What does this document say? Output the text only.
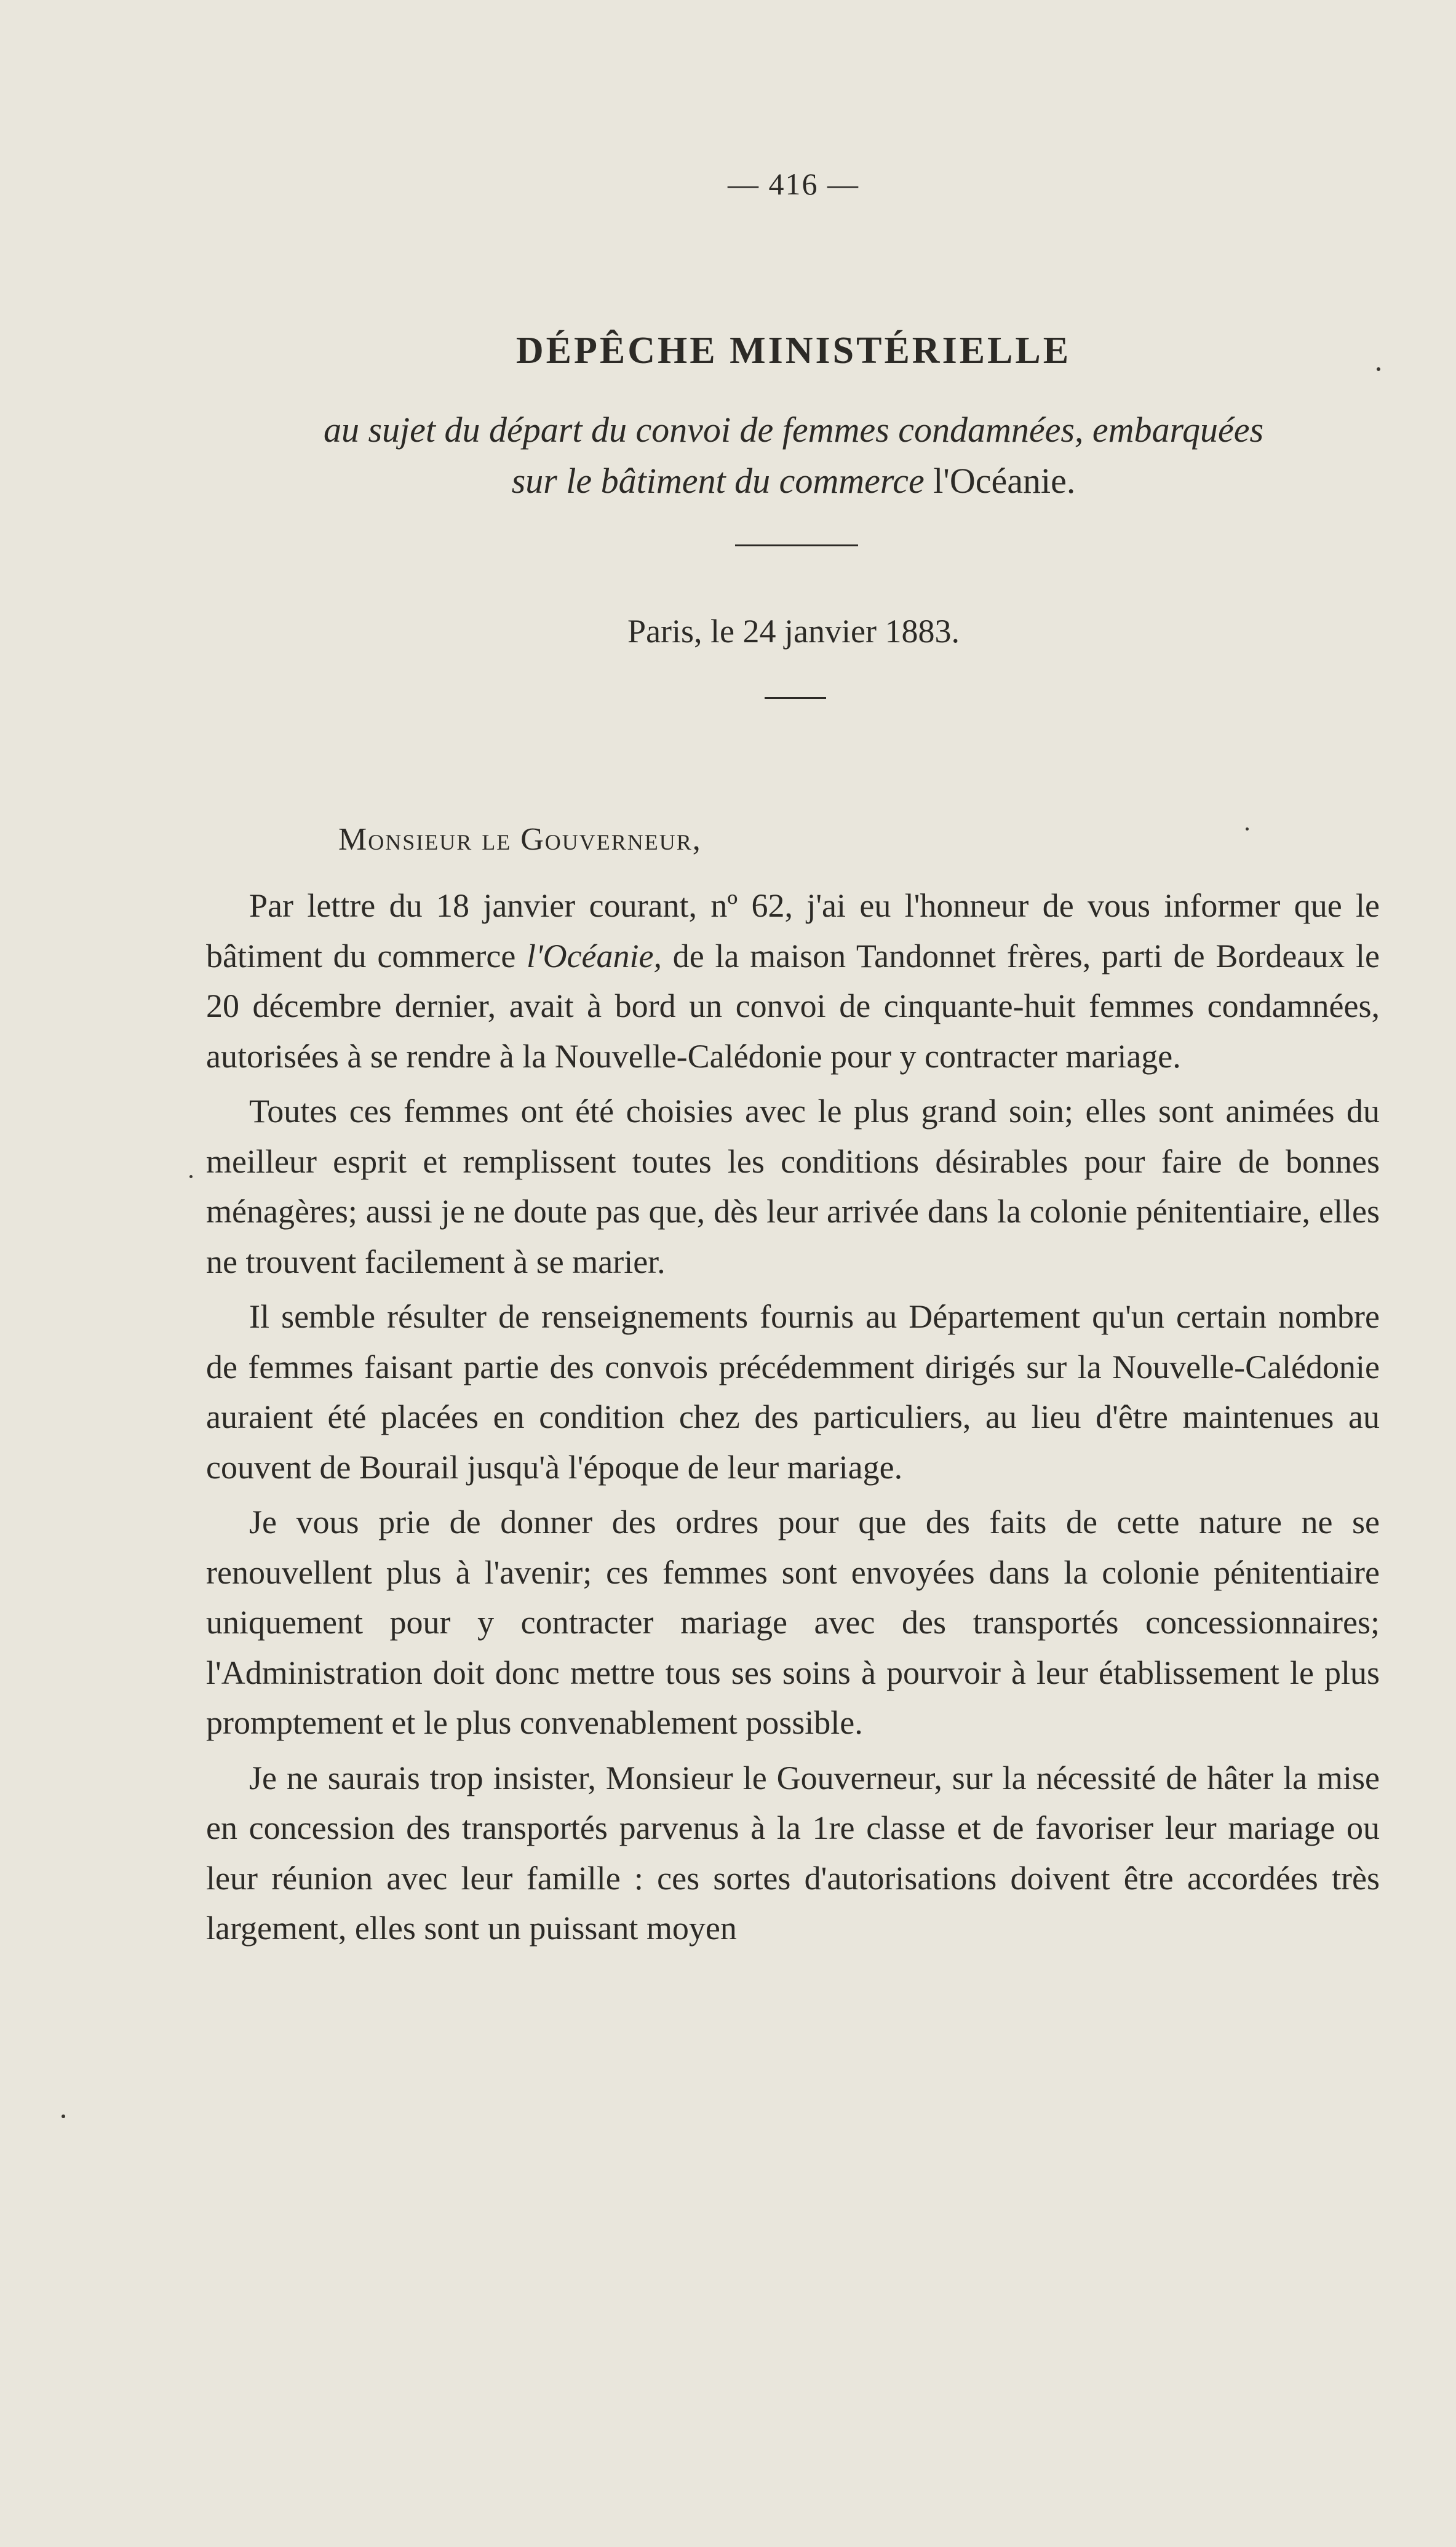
— 416 —
DÉPÊCHE MINISTÉRIELLE
au sujet du départ du convoi de femmes condamnées, embarquées
sur le bâtiment du commerce l'Océanie.
Paris, le 24 janvier 1883.
Monsieur le Gouverneur,

Par lettre du 18 janvier courant, nº 62, j'ai eu l'honneur de vous informer que le bâtiment du commerce l'Océanie, de la maison Tandonnet frères, parti de Bordeaux le 20 décembre dernier, avait à bord un convoi de cinquante-huit femmes condamnées, autorisées à se rendre à la Nouvelle-Calédonie pour y contracter mariage.

Toutes ces femmes ont été choisies avec le plus grand soin; elles sont animées du meilleur esprit et remplissent toutes les conditions désirables pour faire de bonnes ménagères; aussi je ne doute pas que, dès leur arrivée dans la colonie pénitentiaire, elles ne trouvent facilement à se marier.

Il semble résulter de renseignements fournis au Département qu'un certain nombre de femmes faisant partie des convois précédemment dirigés sur la Nouvelle-Calédonie auraient été placées en condition chez des particuliers, au lieu d'être maintenues au couvent de Bourail jusqu'à l'époque de leur mariage.

Je vous prie de donner des ordres pour que des faits de cette nature ne se renouvellent plus à l'avenir; ces femmes sont envoyées dans la colonie pénitentiaire uniquement pour y contracter mariage avec des transportés concessionnaires; l'Administration doit donc mettre tous ses soins à pourvoir à leur établissement le plus promptement et le plus convenablement possible.

Je ne saurais trop insister, Monsieur le Gouverneur, sur la nécessité de hâter la mise en concession des transportés parvenus à la 1re classe et de favoriser leur mariage ou leur réunion avec leur famille : ces sortes d'autorisations doivent être accordées très largement, elles sont un puissant moyen
